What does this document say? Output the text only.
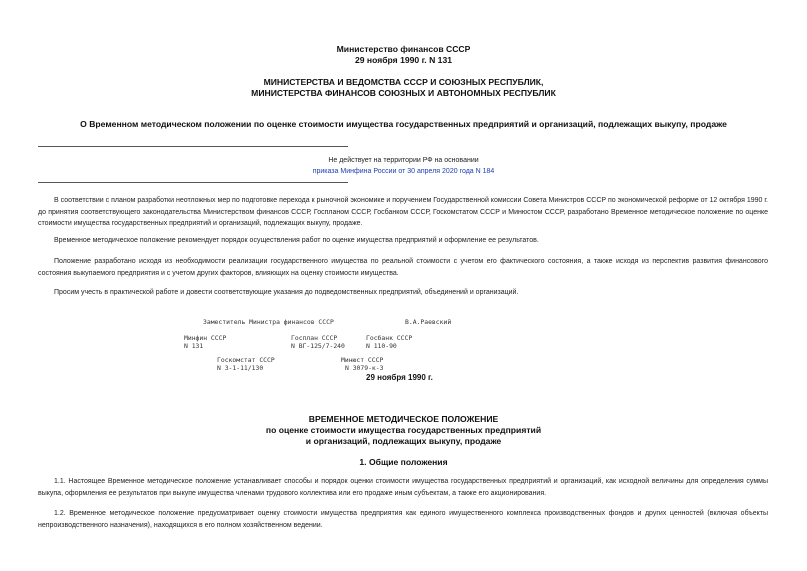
Министерство финансов СССР
29 ноября 1990 г. N 131
МИНИСТЕРСТВА И ВЕДОМСТВА СССР И СОЮЗНЫХ РЕСПУБЛИК,
МИНИСТЕРСТВА ФИНАНСОВ СОЮЗНЫХ И АВТОНОМНЫХ РЕСПУБЛИК
О Временном методическом положении по оценке стоимости имущества государственных предприятий и организаций, подлежащих выкупу, продаже
Не действует на территории РФ на основании
приказа Минфина России от 30 апреля 2020 года N 184
В соответствии с планом разработки неотложных мер по подготовке перехода к рыночной экономике и поручением Государственной комиссии Совета Министров СССР по экономической реформе от 12 октября 1990 г. до принятия соответствующего законодательства Министерством финансов СССР, Госпланом СССР, Госбанком СССР, Госкомстатом СССР и Минюстом СССР, разработано Временное методическое положение по оценке стоимости имущества государственных предприятий и организаций, подлежащих выкупу, продаже.
Временное методическое положение рекомендует порядок осуществления работ по оценке имущества предприятий и оформление ее результатов.
Положение разработано исходя из необходимости реализации государственного имущества по реальной стоимости с учетом его фактического состояния, а также исходя из перспектив развития финансового состояния выкупаемого предприятия и с учетом других факторов, влияющих на оценку стоимости имущества.
Просим учесть в практической работе и довести соответствующие указания до подведомственных предприятий, объединений и организаций.
Заместитель Министра финансов СССР	В.А.Раевский
Минфин СССР
N 131
Госплан СССР
N ВГ-125/7-240
Госбанк СССР
N 110-90
Госкомстат СССР
N 3-1-11/130
Минюст СССР
N 3079-к-3
29 ноября 1990 г.
ВРЕМЕННОЕ МЕТОДИЧЕСКОЕ ПОЛОЖЕНИЕ
по оценке стоимости имущества государственных предприятий
и организаций, подлежащих выкупу, продаже
1. Общие положения
1.1. Настоящее Временное методическое положение устанавливает способы и порядок оценки стоимости имущества государственных предприятий и организаций, как исходной величины для определения суммы выкупа, оформления ее результатов при выкупе имущества членами трудового коллектива или его продаже иным субъектам, а также его акционирования.
1.2. Временное методическое положение предусматривает оценку стоимости имущества предприятия как единого имущественного комплекса производственных фондов и других ценностей (включая объекты непроизводственного назначения), находящихся в его полном хозяйственном ведении.
